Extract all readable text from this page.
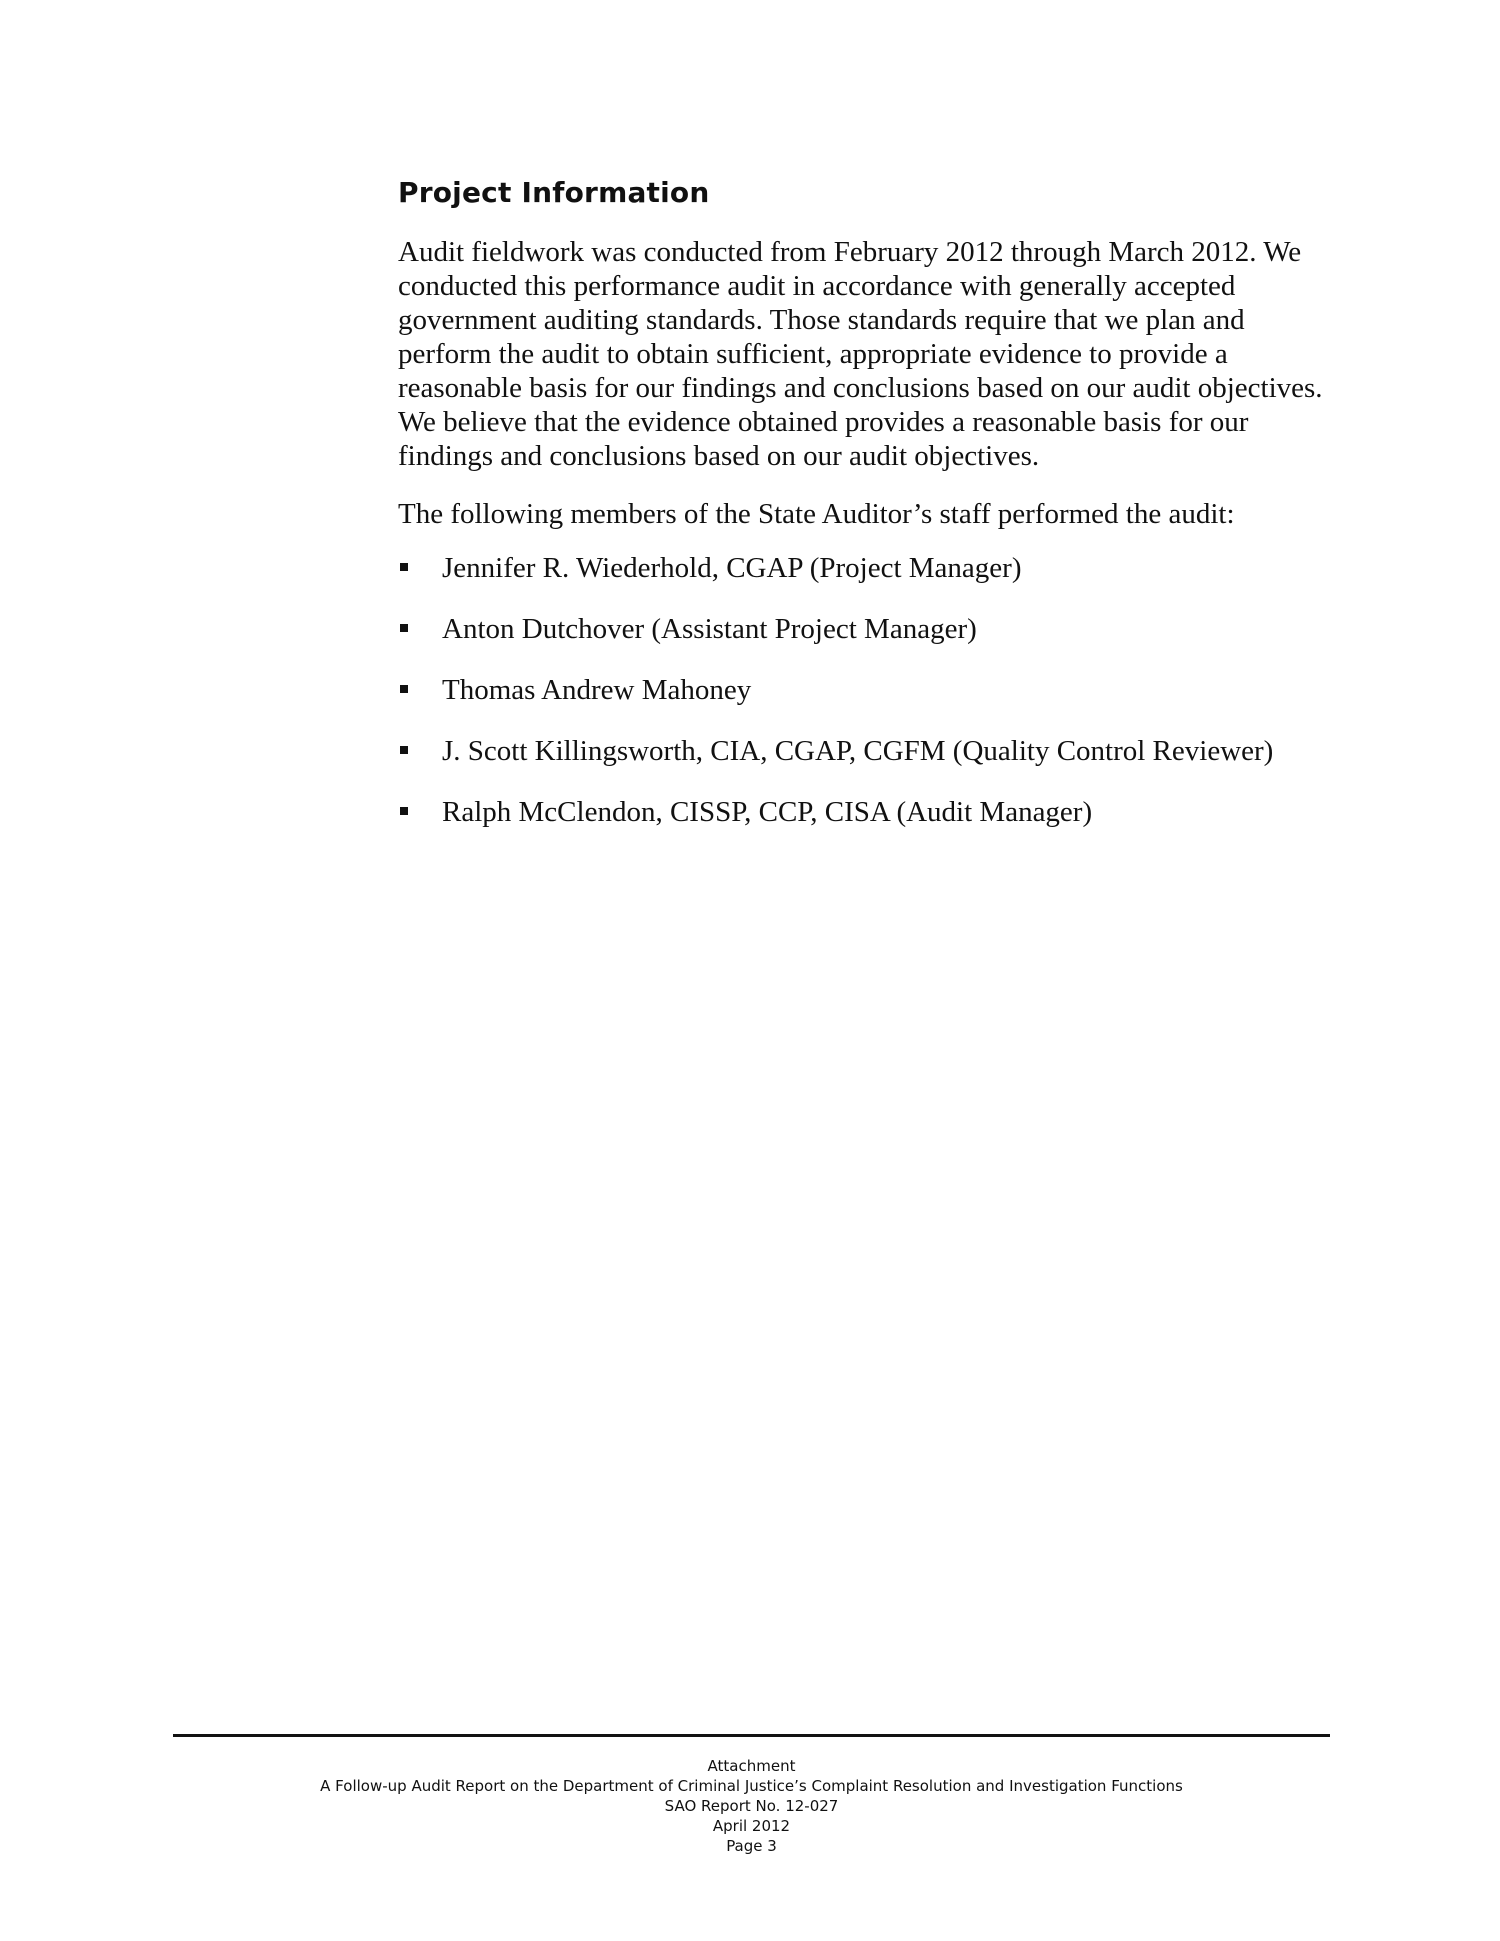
Project Information

Audit fieldwork was conducted from February 2012 through March 2012. We conducted this performance audit in accordance with generally accepted government auditing standards. Those standards require that we plan and perform the audit to obtain sufficient, appropriate evidence to provide a reasonable basis for our findings and conclusions based on our audit objectives. We believe that the evidence obtained provides a reasonable basis for our findings and conclusions based on our audit objectives.

The following members of the State Auditor’s staff performed the audit:

Jennifer R. Wiederhold, CGAP (Project Manager)
Anton Dutchover (Assistant Project Manager)
Thomas Andrew Mahoney
J. Scott Killingsworth, CIA, CGAP, CGFM (Quality Control Reviewer)
Ralph McClendon, CISSP, CCP, CISA (Audit Manager)
Attachment
A Follow-up Audit Report on the Department of Criminal Justice’s Complaint Resolution and Investigation Functions
SAO Report No. 12-027
April 2012
Page 3
